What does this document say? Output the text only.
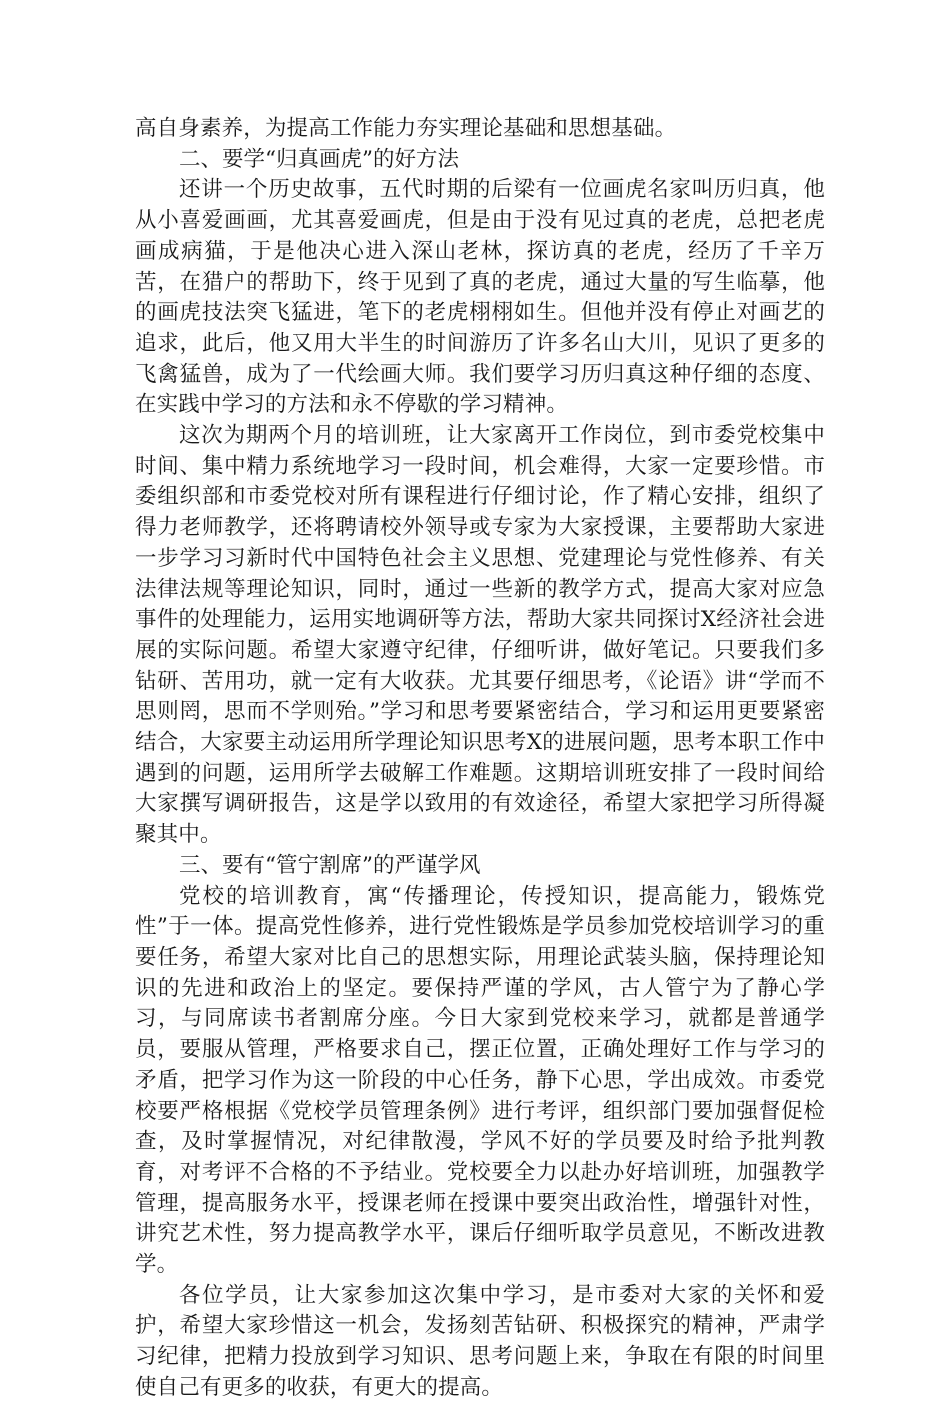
高自身素养，为提高工作能力夯实理论基础和思想基础。

二、要学“归真画虎”的好方法

还讲一个历史故事，五代时期的后梁有一位画虎名家叫历归真，他从小喜爱画画，尤其喜爱画虎，但是由于没有见过真的老虎，总把老虎画成病猫，于是他决心进入深山老林，探访真的老虎，经历了千辛万苦，在猎户的帮助下，终于见到了真的老虎，通过大量的写生临摹，他的画虎技法突飞猛进，笔下的老虎栩栩如生。但他并没有停止对画艺的追求，此后，他又用大半生的时间游历了许多名山大川，见识了更多的飞禽猛兽，成为了一代绘画大师。我们要学习历归真这种仔细的态度、在实践中学习的方法和永不停歇的学习精神。

这次为期两个月的培训班，让大家离开工作岗位，到市委党校集中时间、集中精力系统地学习一段时间，机会难得，大家一定要珍惜。市委组织部和市委党校对所有课程进行仔细讨论，作了精心安排，组织了得力老师教学，还将聘请校外领导或专家为大家授课，主要帮助大家进一步学习习新时代中国特色社会主义思想、党建理论与党性修养、有关法律法规等理论知识，同时，通过一些新的教学方式，提高大家对应急事件的处理能力，运用实地调研等方法，帮助大家共同探讨X经济社会进展的实际问题。希望大家遵守纪律，仔细听讲，做好笔记。只要我们多钻研、苦用功，就一定有大收获。尤其要仔细思考，《论语》讲“学而不思则罔，思而不学则殆。”学习和思考要紧密结合，学习和运用更要紧密结合，大家要主动运用所学理论知识思考X的进展问题，思考本职工作中遇到的问题，运用所学去破解工作难题。这期培训班安排了一段时间给大家撰写调研报告，这是学以致用的有效途径，希望大家把学习所得凝聚其中。

三、要有“管宁割席”的严谨学风

党校的培训教育，寓“传播理论，传授知识，提高能力，锻炼党性”于一体。提高党性修养，进行党性锻炼是学员参加党校培训学习的重要任务，希望大家对比自己的思想实际，用理论武装头脑，保持理论知识的先进和政治上的坚定。要保持严谨的学风，古人管宁为了静心学习，与同席读书者割席分座。今日大家到党校来学习，就都是普通学员，要服从管理，严格要求自己，摆正位置，正确处理好工作与学习的矛盾，把学习作为这一阶段的中心任务，静下心思，学出成效。市委党校要严格根据《党校学员管理条例》进行考评，组织部门要加强督促检查，及时掌握情况，对纪律散漫，学风不好的学员要及时给予批判教育，对考评不合格的不予结业。党校要全力以赴办好培训班，加强教学管理，提高服务水平，授课老师在授课中要突出政治性，增强针对性，讲究艺术性，努力提高教学水平，课后仔细听取学员意见，不断改进教学。

各位学员，让大家参加这次集中学习，是市委对大家的关怀和爱护，希望大家珍惜这一机会，发扬刻苦钻研、积极探究的精神，严肃学习纪律，把精力投放到学习知识、思考问题上来，争取在有限的时间里使自己有更多的收获，有更大的提高。
